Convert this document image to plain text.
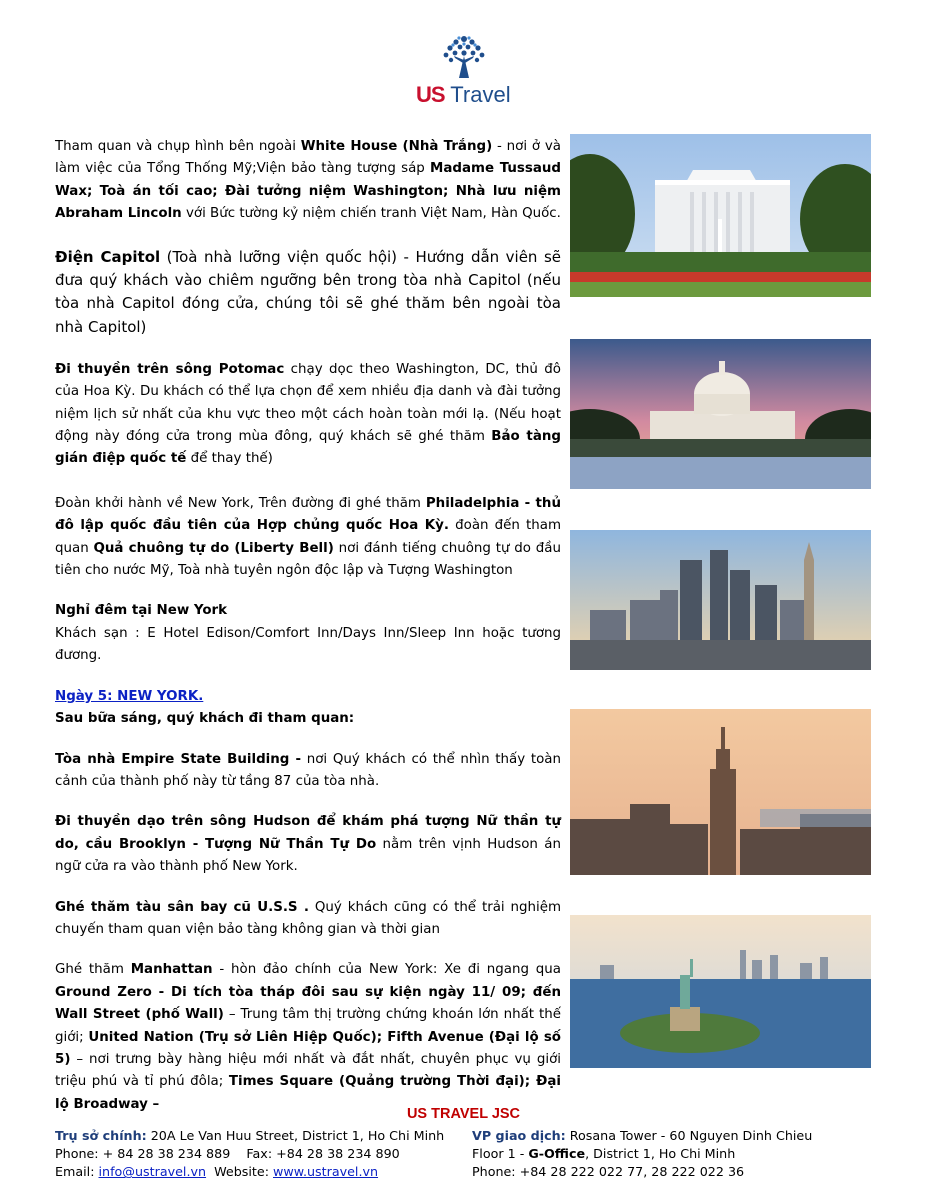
US Travel

Tham quan và chụp hình bên ngoài White House (Nhà Trắng) - nơi ở và làm việc của Tổng Thống Mỹ;Viện bảo tàng tượng sáp Madame Tussaud Wax; Toà án tối cao; Đài tưởng niệm Washington; Nhà lưu niệm Abraham Lincoln với Bức tường kỷ niệm chiến tranh Việt Nam, Hàn Quốc.

Điện Capitol (Toà nhà lưỡng viện quốc hội) - Hướng dẫn viên sẽ đưa quý khách vào chiêm ngưỡng bên trong tòa nhà Capitol (nếu tòa nhà Capitol đóng cửa, chúng tôi sẽ ghé thăm bên ngoài tòa nhà Capitol)

Đi thuyền trên sông Potomac chạy dọc theo Washington, DC, thủ đô của Hoa Kỳ. Du khách có thể lựa chọn để xem nhiều địa danh và đài tưởng niệm lịch sử nhất của khu vực theo một cách hoàn toàn mới lạ. (Nếu hoạt động này đóng cửa trong mùa đông, quý khách sẽ ghé thăm Bảo tàng gián điệp quốc tế để thay thế)

Đoàn khởi hành về New York, Trên đường đi ghé thăm Philadelphia - thủ đô lập quốc đầu tiên của Hợp chủng quốc Hoa Kỳ. đoàn đến tham quan Quả chuông tự do (Liberty Bell) nơi đánh tiếng chuông tự do đầu tiên cho nước Mỹ, Toà nhà tuyên ngôn độc lập và Tượng Washington

Nghỉ đêm tại New York

Khách sạn : E Hotel Edison/Comfort Inn/Days Inn/Sleep Inn hoặc tương đương.

Ngày 5: NEW YORK.

Sau bữa sáng, quý khách đi tham quan:

Tòa nhà Empire State Building - nơi Quý khách có thể nhìn thấy toàn cảnh của thành phố này từ tầng 87 của tòa nhà.

Đi thuyền dạo trên sông Hudson để khám phá tượng Nữ thần tự do, cầu Brooklyn - Tượng Nữ Thần Tự Do nằm trên vịnh Hudson án ngữ cửa ra vào thành phố New York.

Ghé thăm tàu sân bay cũ U.S.S . Quý khách cũng có thể trải nghiệm chuyến tham quan viện bảo tàng không gian và thời gian

Ghé thăm Manhattan - hòn đảo chính của New York: Xe đi ngang qua Ground Zero - Di tích tòa tháp đôi sau sự kiện ngày 11/ 09; đến Wall Street (phố Wall) – Trung tâm thị trường chứng khoán lớn nhất thế giới; United Nation (Trụ sở Liên Hiệp Quốc); Fifth Avenue (Đại lộ số 5) – nơi trưng bày hàng hiệu mới nhất và đắt nhất, chuyên phục vụ giới triệu phú và tỉ phú đôla; Times Square (Quảng trường Thời đại); Đại lộ Broadway –

US TRAVEL JSC
Trụ sở chính: 20A Le Van Huu Street, District 1, Ho Chi Minh
Phone: + 84 28 38 234 889    Fax: +84 28 38 234 890
Email: info@ustravel.vn  Website: www.ustravel.vn
VP giao dịch: Rosana Tower - 60 Nguyen Dinh Chieu
Floor 1 - G-Office, District 1, Ho Chi Minh
Phone: +84 28 222 022 77, 28 222 022 36
